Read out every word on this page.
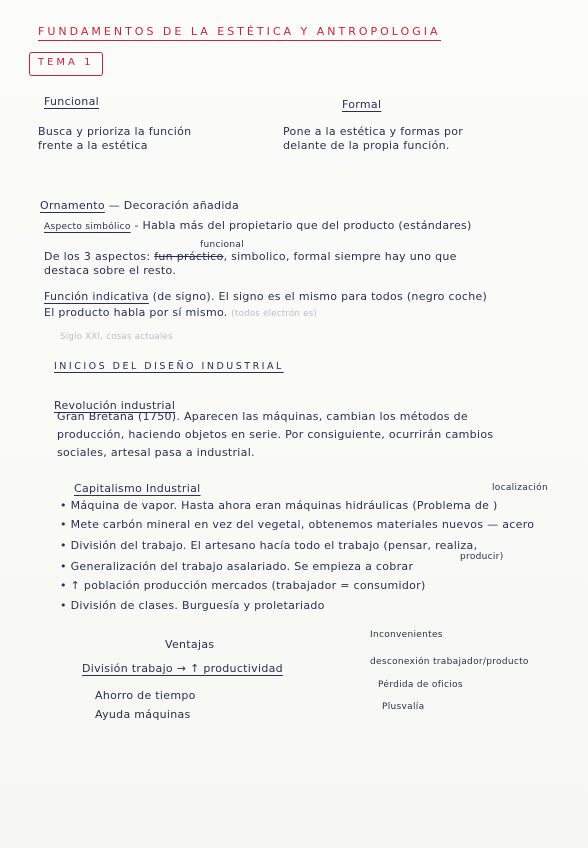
FUNDAMENTOS DE LA ESTÉTICA Y ANTROPOLOGIA
TEMA 1
Funcional	Formal
Busca y prioriza la función
frente a la estética
Pone a la estética y formas por
delante de la propia función.
Ornamento — Decoración añadida
Aspecto simbólico - Habla más del propietario que del producto (estándares)
funcional
De los 3 aspectos: fun práctico, simbolico, formal siempre hay uno que
destaca sobre el resto.
Función indicativa (de signo). El signo es el mismo para todos (negro coche)
El producto habla por sí mismo. (todos electrón es)
Siglo XXI, cosas actuales
INICIOS DEL DISEÑO INDUSTRIAL
Revolución industrial
Gran Bretaña (1750). Aparecen las máquinas, cambian los métodos de
producción, haciendo objetos en serie. Por consiguiente, ocurrirán cambios
sociales, artesal pasa a industrial.
Capitalismo Industrial	localización
• Máquina de vapor. Hasta ahora eran máquinas hidráulicas (Problema de )
• Mete carbón mineral en vez del vegetal, obtenemos materiales nuevos — acero
• División del trabajo. El artesano hacía todo el trabajo (pensar, realiza,
producir)
• Generalización del trabajo asalariado. Se empieza a cobrar
• ↑ población producción mercados (trabajador = consumidor)
• División de clases. Burguesía y proletariado
Ventajas
Inconvenientes
División trabajo → ↑ productividad
Ahorro de tiempo
Ayuda máquinas
desconexión trabajador/producto
Pérdida de oficios
Plusvalía
